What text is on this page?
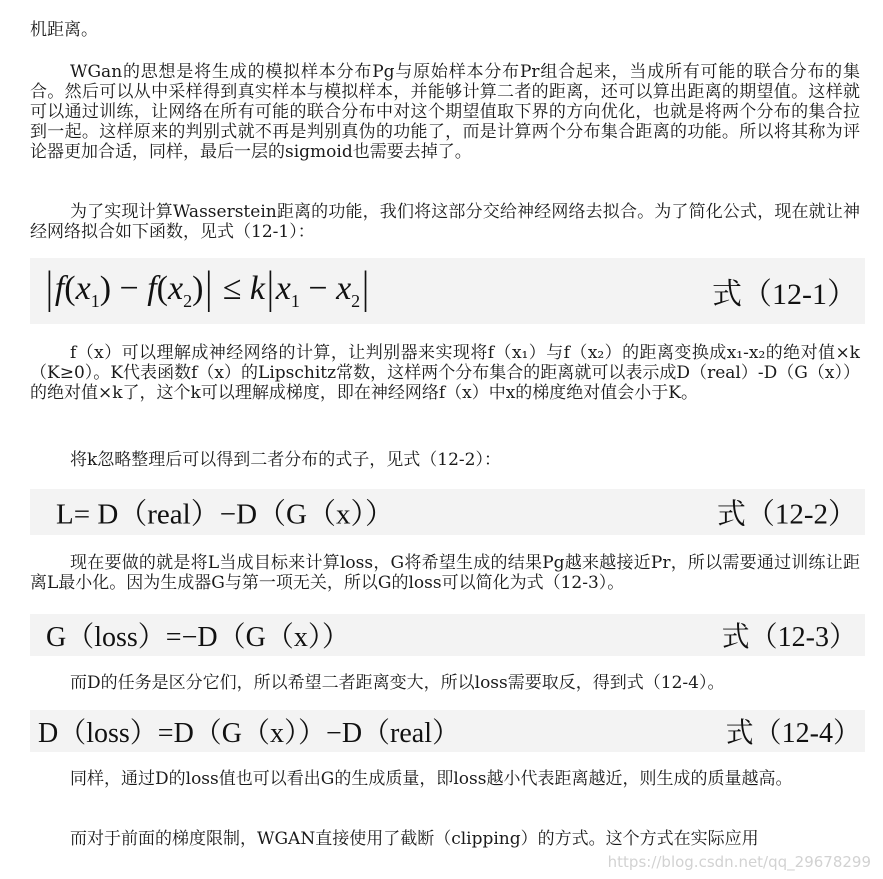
机距离。

WGan的思想是将生成的模拟样本分布Pg与原始样本分布Pr组合起来，当成所有可能的联合分布的集合。然后可以从中采样得到真实样本与模拟样本，并能够计算二者的距离，还可以算出距离的期望值。这样就可以通过训练，让网络在所有可能的联合分布中对这个期望值取下界的方向优化，也就是将两个分布的集合拉到一起。这样原来的判别式就不再是判别真伪的功能了，而是计算两个分布集合距离的功能。所以将其称为评论器更加合适，同样，最后一层的sigmoid也需要去掉了。

为了实现计算Wasserstein距离的功能，我们将这部分交给神经网络去拟合。为了简化公式，现在就让神经网络拟合如下函数，见式（12-1）：

$|f(x_1) - f(x_2)| \le k|x_1 - x_2|$	式（12-1）

f（x）可以理解成神经网络的计算，让判别器来实现将f（x₁）与f（x₂）的距离变换成x₁-x₂的绝对值×k（K≥0）。K代表函数f（x）的Lipschitz常数，这样两个分布集合的距离就可以表示成D（real）-D（G（x））的绝对值×k了，这个k可以理解成梯度，即在神经网络f（x）中x的梯度绝对值会小于K。

将k忽略整理后可以得到二者分布的式子，见式（12-2）：

L= D（real）−D（G（x））	式（12-2）

现在要做的就是将L当成目标来计算loss，G将希望生成的结果Pg越来越接近Pr，所以需要通过训练让距离L最小化。因为生成器G与第一项无关，所以G的loss可以简化为式（12-3）。

G（loss）=−D（G（x））	式（12-3）

而D的任务是区分它们，所以希望二者距离变大，所以loss需要取反，得到式（12-4）。

D（loss）=D（G（x））−D（real）	式（12-4）

同样，通过D的loss值也可以看出G的生成质量，即loss越小代表距离越近，则生成的质量越高。

而对于前面的梯度限制，WGAN直接使用了截断（clipping）的方式。这个方式在实际应用

https://blog.csdn.net/qq_29678299
